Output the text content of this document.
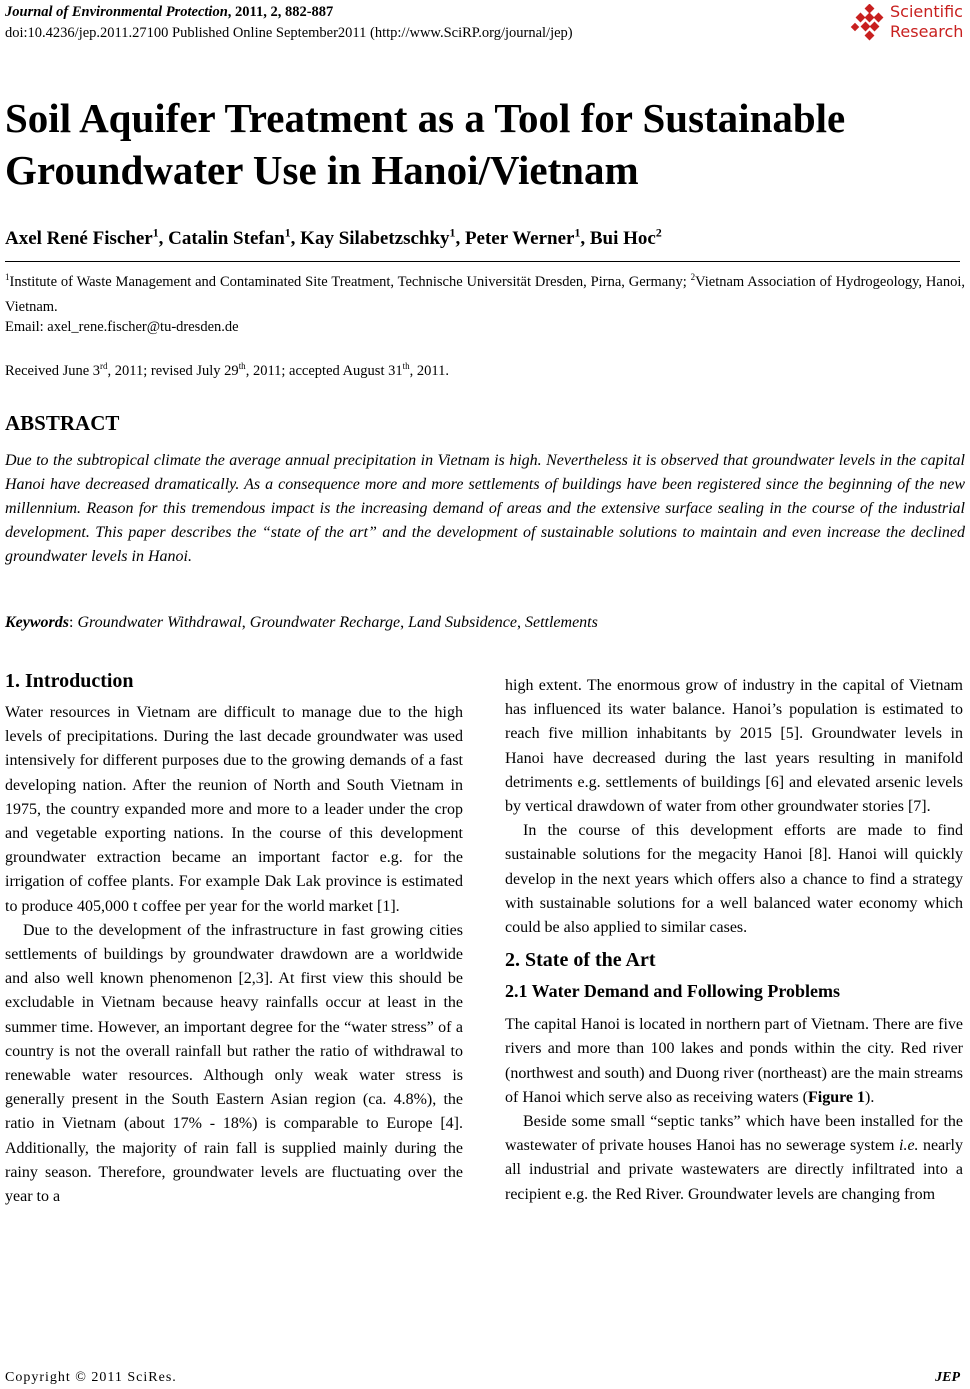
Journal of Environmental Protection, 2011, 2, 882-887
doi:10.4236/jep.2011.27100 Published Online September2011 (http://www.SciRP.org/journal/jep)
Scientific
Research
Soil Aquifer Treatment as a Tool for Sustainable Groundwater Use in Hanoi/Vietnam
Axel René Fischer$^1$, Catalin Stefan$^1$, Kay Silabetzschky$^1$, Peter Werner$^1$, Bui Hoc$^2$
$^1$Institute of Waste Management and Contaminated Site Treatment, Technische Universität Dresden, Pirna, Germany; $^2$Vietnam Association of Hydrogeology, Hanoi, Vietnam.
Email: axel_rene.fischer@tu-dresden.de
Received June 3rd, 2011; revised July 29th, 2011; accepted August 31th, 2011.
ABSTRACT

Due to the subtropical climate the average annual precipitation in Vietnam is high. Nevertheless it is observed that groundwater levels in the capital Hanoi have decreased dramatically. As a consequence more and more settlements of buildings have been registered since the beginning of the new millennium. Reason for this tremendous impact is the increasing demand of areas and the extensive surface sealing in the course of the industrial development. This paper describes the “state of the art” and the development of sustainable solutions to maintain and even increase the declined groundwater levels in Hanoi.

Keywords: Groundwater Withdrawal, Groundwater Recharge, Land Subsidence, Settlements
1. Introduction

Water resources in Vietnam are difficult to manage due to the high levels of precipitations. During the last decade groundwater was used intensively for different purposes due to the growing demands of a fast developing nation. After the reunion of North and South Vietnam in 1975, the country expanded more and more to a leader under the crop and vegetable exporting nations. In the course of this development groundwater extraction became an important factor e.g. for the irrigation of coffee plants. For example Dak Lak province is estimated to produce 405,000 t coffee per year for the world market [1].

Due to the development of the infrastructure in fast growing cities settlements of buildings by groundwater drawdown are a worldwide and also well known phenomenon [2,3]. At first view this should be excludable in Vietnam because heavy rainfalls occur at least in the summer time. However, an important degree for the “water stress” of a country is not the overall rainfall but rather the ratio of withdrawal to renewable water resources. Although only weak water stress is generally present in the South Eastern Asian region (ca. 4.8%), the ratio in Vietnam (about 17% - 18%) is comparable to Europe [4]. Additionally, the majority of rain fall is supplied mainly during the rainy season. Therefore, groundwater levels are fluctuating over the year to a

high extent. The enormous grow of industry in the capital of Vietnam has influenced its water balance. Hanoi’s population is estimated to reach five million inhabitants by 2015 [5]. Groundwater levels in Hanoi have decreased during the last years resulting in manifold detriments e.g. settlements of buildings [6] and elevated arsenic levels by vertical drawdown of water from other groundwater stories [7].

In the course of this development efforts are made to find sustainable solutions for the megacity Hanoi [8]. Hanoi will quickly develop in the next years which offers also a chance to find a strategy with sustainable solutions for a well balanced water economy which could be also applied to similar cases.

2. State of the Art
2.1 Water Demand and Following Problems

The capital Hanoi is located in northern part of Vietnam. There are five rivers and more than 100 lakes and ponds within the city. Red river (northwest and south) and Duong river (northeast) are the main streams of Hanoi which serve also as receiving waters (Figure 1).

Beside some small “septic tanks” which have been installed for the wastewater of private houses Hanoi has no sewerage system i.e. nearly all industrial and private wastewaters are directly infiltrated into a recipient e.g. the Red River. Groundwater levels are changing from

Copyright © 2011 SciRes.	JEP
